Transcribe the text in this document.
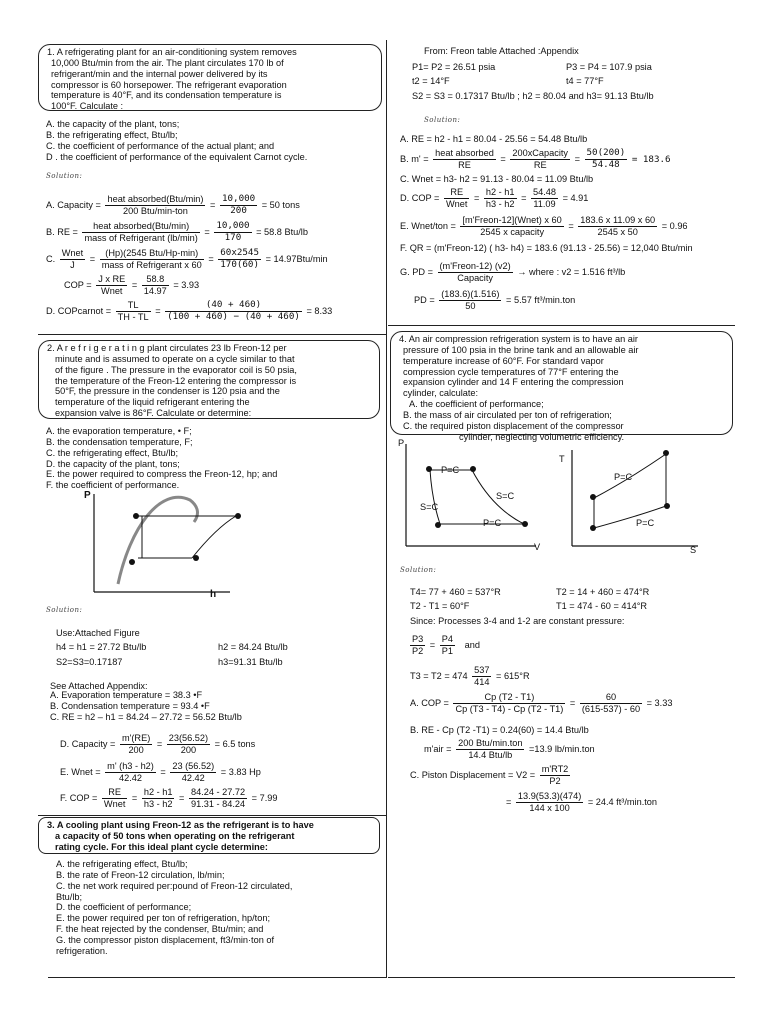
1. A refrigerating plant for an air-conditioning system removes
10,000 Btu/min from the air. The plant circulates 170 lb of
refrigerant/min and the internal power delivered by its
compressor is 60 horsepower. The refrigerant evaporation
temperature is 40°F, and its condensation temperature is
100°F. Calculate :
A. the capacity of the plant, tons;
B. the refrigerating effect, Btu/lb;
C. the coefficient of performance of the actual plant; and
D . the coefficient of performance of the equivalent Carnot cycle.
Solution:
A. Capacity = $\frac{\text{heat absorbed(Btu/min)}}{\text{200 Btu/min-ton}} = \frac{10,000}{200} = 50$ tons
B. RE = $\frac{\text{heat absorbed(Btu/min)}}{\text{mass of Refrigerant (lb/min)}} = \frac{10,000}{170} = 58.8$ Btu/lb
C. $\frac{\text{Wnet}}{J} = \frac{\text{(Hp)(2545 Btu/Hp-min)}}{\text{mass of Refrigerant x 60}} = \frac{60x2545}{170(60)} = 14.97Btu/\min$
COP = $\frac{\text{J x RE}}{\text{Wnet}} = \frac{58.8}{14.97} = 3.93$
D. COPcarnot = $\frac{TL}{TH - TL} = \frac{(40 + 460)}{(100 + 460) - (40 + 460)} = 8.33$
2. A r e f r i g e r a t i n g plant circulates 23 lb Freon-12 per
minute and is assumed to operate on a cycle similar to that
of the figure . The pressure in the evaporator coil is 50 psia,
the temperature of the Freon-12 entering the compressor is
50°F, the pressure in the condenser is 120 psia and the
temperature of the liquid refrigerant entering the
expansion valve is 86°F. Calculate or determine:
A. the evaporation temperature, • F;
B. the condensation temperature, F;
C. the refrigerating effect, Btu/lb;
D. the capacity of the plant, tons;
E. the power required to compress the Freon-12, hp; and
F. the coefficient of performance.
P
h
Solution:
Use:Attached Figure
h4 = h1 = 27.72 Btu/lb	h2 = 84.24 Btu/lb
S2=S3=0.17187	h3=91.31 Btu/lb
See Attached Appendix:
A. Evaporation temperature = 38.3 •F
B. Condensation temperature = 93.4 •F
C. RE = h2 – h1 = 84.24 – 27.72 = 56.52 Btu/lb
D. Capacity = $\frac{m'(RE)}{200} = \frac{23(56.52)}{200} = 6.5$ tons
E. Wnet = $\frac{m' (h3 - h2)}{42.42} = \frac{23 (56.52)}{42.42} = 3.83$ Hp
F. COP = $\frac{RE}{\text{Wnet}} = \frac{h2 - h1}{h3 - h2} = \frac{84.24 - 27.72}{91.31 - 84.24} = 7.99$
3. A cooling plant using Freon-12 as the refrigerant is to have
a capacity of 50 tons when operating on the refrigerant
rating cycle. For this ideal plant cycle determine:
A. the refrigerating effect, Btu/lb;
B. the rate of Freon-12 circulation, lb/min;
C. the net work required per:pound of Freon-12 circulated,
Btu/lb;
D. the coefficient of performance;
E. the power required per ton of refrigeration, hp/ton;
F. the heat rejected by the condenser, Btu/min; and
G. the compressor piston displacement, ft3/min·ton of
refrigeration.
From: Freon table Attached :Appendix
P1= P2 = 26.51 psia	P3 = P4 = 107.9 psia
t2 = 14°F	t4 = 77°F
S2 = S3 = 0.17317 Btu/lb ; h2 = 80.04 and h3= 91.13 Btu/lb
Solution:
A. RE = h2 - h1 = 80.04 - 25.56 = 54.48 Btu/lb
B. $m' = \frac{\text{heat absorbed}}{RE} = \frac{\text{200xCapacity}}{RE} = \frac{50(200)}{54.48} = 183.6$
C. Wnet = h3- h2 = 91.13 - 80.04 = 11.09 Btu/lb
D. COP = $\frac{RE}{\text{Wnet}} = \frac{h2 - h1}{h3 - h2} = \frac{54.48}{11.09} = 4.91$
E. Wnet/ton = $\frac{\text{[m'Freon-12](Wnet) x 60}}{\text{2545 x capacity}} = \frac{183.6 x 11.09 x 60}{2545 x 50} = 0.96$
F. QR = (m'Freon-12) ( h3- h4) = 183.6 (91.13 - 25.56) = 12,040 Btu/min
G. PD = $\frac{\text{(m'Freon-12) (v2)}}{\text{Capacity}}$ → where : v2 = 1.516 ft³/lb
PD = $\frac{(183.6)(1.516)}{50} = 5.57$ ft³/min.ton
4. An air compression refrigeration system is to have an air
pressure of 100 psia in the brine tank and an allowable air
temperature increase of 60°F. For standard vapor
compression cycle temperatures of 77°F entering the
expansion cylinder and 14 F entering the compression
cylinder, calculate:
A. the coefficient of performance;
B. the mass of air circulated per ton of refrigeration;
C. the required piston displacement of the compressor
cylinder, neglecting volumetric efficiency.
P
V
P=C
P=C
S=C
S=C
T
S
P=C
P=C
Solution:
T4= 77 + 460 = 537°R	T2 = 14 + 460 = 474°R
T2 - T1 = 60°F	T1 = 474 - 60 = 414°R
Since: Processes 3-4 and 1-2 are constant pressure:
$\frac{P3}{P2} = \frac{P4}{P1}$ and
$T3 = T2 = 474 \frac{537}{414} = 615^\circ R$
A. COP = $\frac{Cp (T2 - T1)}{Cp (T3 - T4) - Cp (T2 - T1)} = \frac{60}{(615-537) - 60} = 3.33$
B. RE - Cp (T2 -T1) = 0.24(60) = 14.4 Btu/lb
$m'air = \frac{\text{200 Btu/min.ton}}{\text{14.4 Btu/lb}} =13.9$ lb/min.ton
C. Piston Displacement = $V2 = \frac{m'RT2}{P2}$
= $\frac{13.9(53.3)(474)}{144 x 100} = 24.4$ ft³/min.ton
